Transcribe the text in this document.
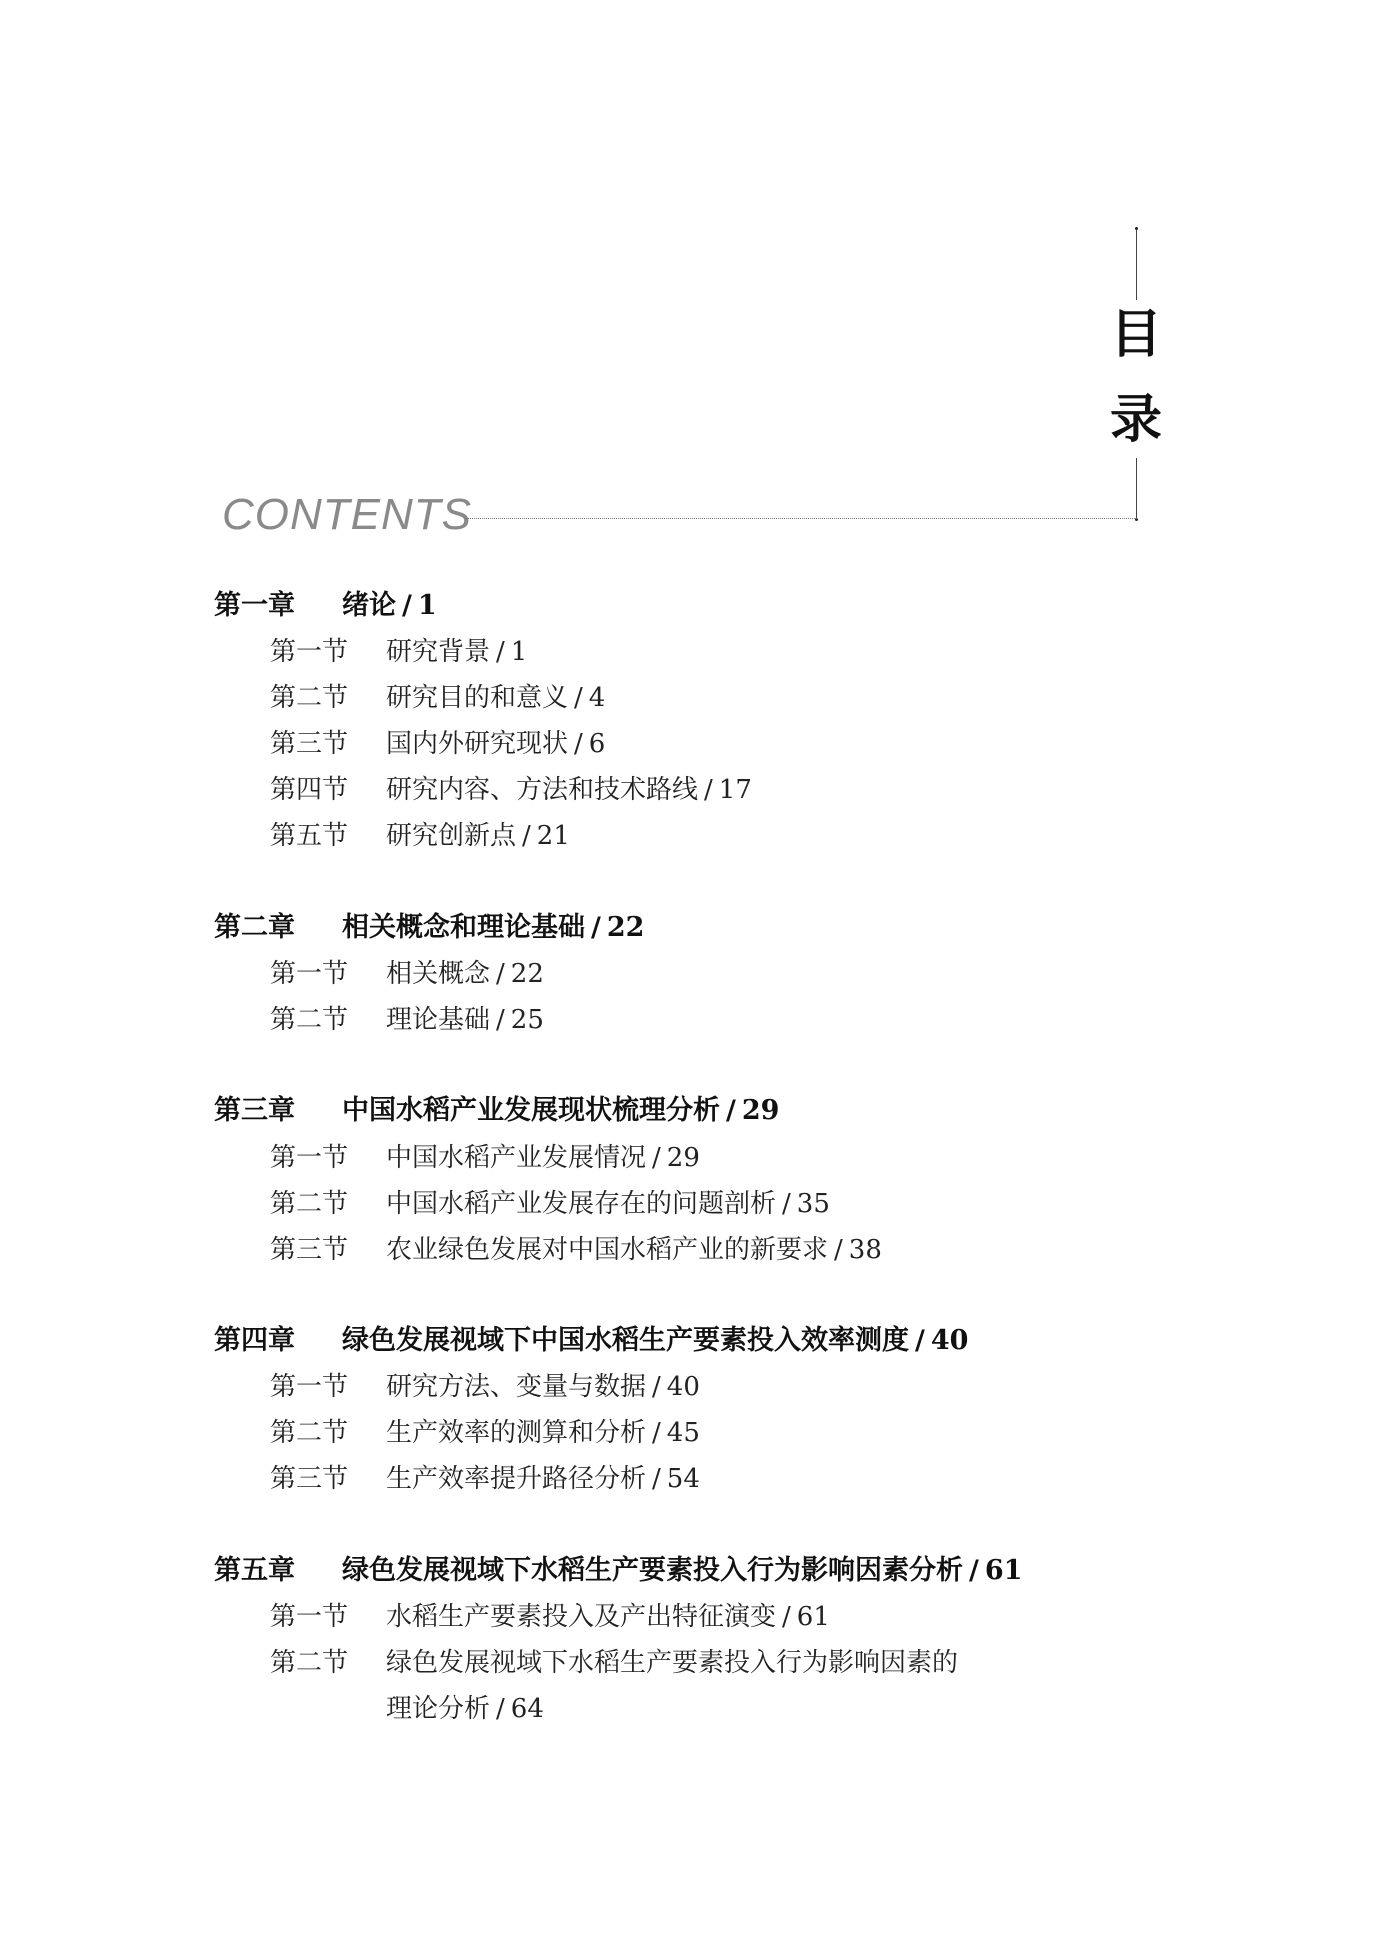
目
录
CONTENTS
第一章 绪论 / 1
第一节 研究背景 / 1
第二节 研究目的和意义 / 4
第三节 国内外研究现状 / 6
第四节 研究内容、方法和技术路线 / 17
第五节 研究创新点 / 21
第二章 相关概念和理论基础 / 22
第一节 相关概念 / 22
第二节 理论基础 / 25
第三章 中国水稻产业发展现状梳理分析 / 29
第一节 中国水稻产业发展情况 / 29
第二节 中国水稻产业发展存在的问题剖析 / 35
第三节 农业绿色发展对中国水稻产业的新要求 / 38
第四章 绿色发展视域下中国水稻生产要素投入效率测度 / 40
第一节 研究方法、变量与数据 / 40
第二节 生产效率的测算和分析 / 45
第三节 生产效率提升路径分析 / 54
第五章 绿色发展视域下水稻生产要素投入行为影响因素分析 / 61
第一节 水稻生产要素投入及产出特征演变 / 61
第二节 绿色发展视域下水稻生产要素投入行为影响因素的
理论分析 / 64
